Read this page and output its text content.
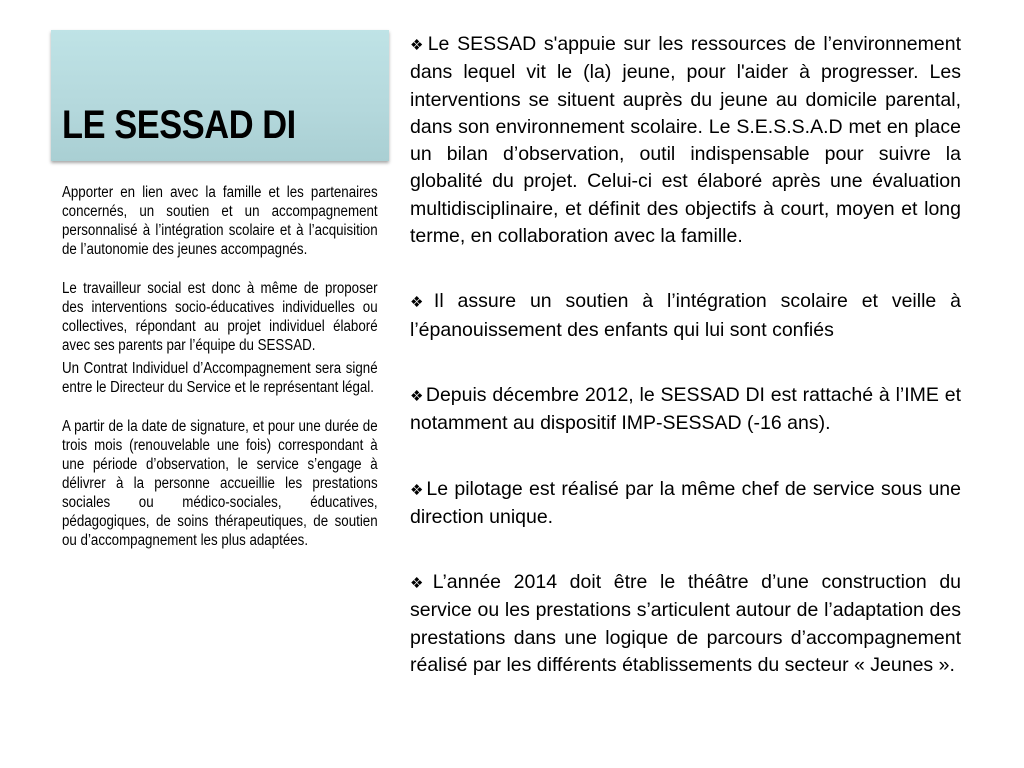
LE SESSAD DI

Apporter en lien avec la famille et les partenaires concernés, un soutien et un accompagnement personnalisé à l’intégration scolaire et à l’acquisition de l’autonomie des jeunes accompagnés.

Le travailleur social est donc à même de proposer des interventions socio-éducatives individuelles ou collectives, répondant au projet individuel élaboré avec ses parents par l’équipe du SESSAD.

Un Contrat Individuel d’Accompagnement sera signé entre le Directeur du Service et le représentant légal.

A partir de la date de signature, et pour une durée de trois mois (renouvelable une fois) correspondant à une période d’observation, le service s’engage à délivrer à la personne accueillie les prestations sociales ou médico-sociales, éducatives, pédagogiques, de soins thérapeutiques, de soutien ou d’accompagnement les plus adaptées.

❖ Le SESSAD s'appuie sur les ressources de l’environnement dans lequel vit le (la) jeune, pour l'aider à progresser. Les interventions se situent auprès du jeune au domicile parental, dans son environnement scolaire. Le S.E.S.S.A.D met en place un bilan d’observation, outil indispensable pour suivre la globalité du projet. Celui-ci est élaboré après une évaluation multidisciplinaire, et définit des objectifs à court, moyen et long terme, en collaboration avec la famille.

❖ Il assure un soutien à l’intégration scolaire et veille à l’épanouissement des enfants qui lui sont confiés

❖ Depuis décembre 2012, le SESSAD DI est rattaché à l’IME et notamment au dispositif IMP-SESSAD (-16 ans).

❖ Le pilotage est réalisé par la même chef de service sous une direction unique.

❖ L’année 2014 doit être le théâtre d’une construction du service ou les prestations s’articulent autour de l’adaptation des prestations dans une logique de parcours d’accompagnement réalisé par les différents établissements du secteur « Jeunes ».
